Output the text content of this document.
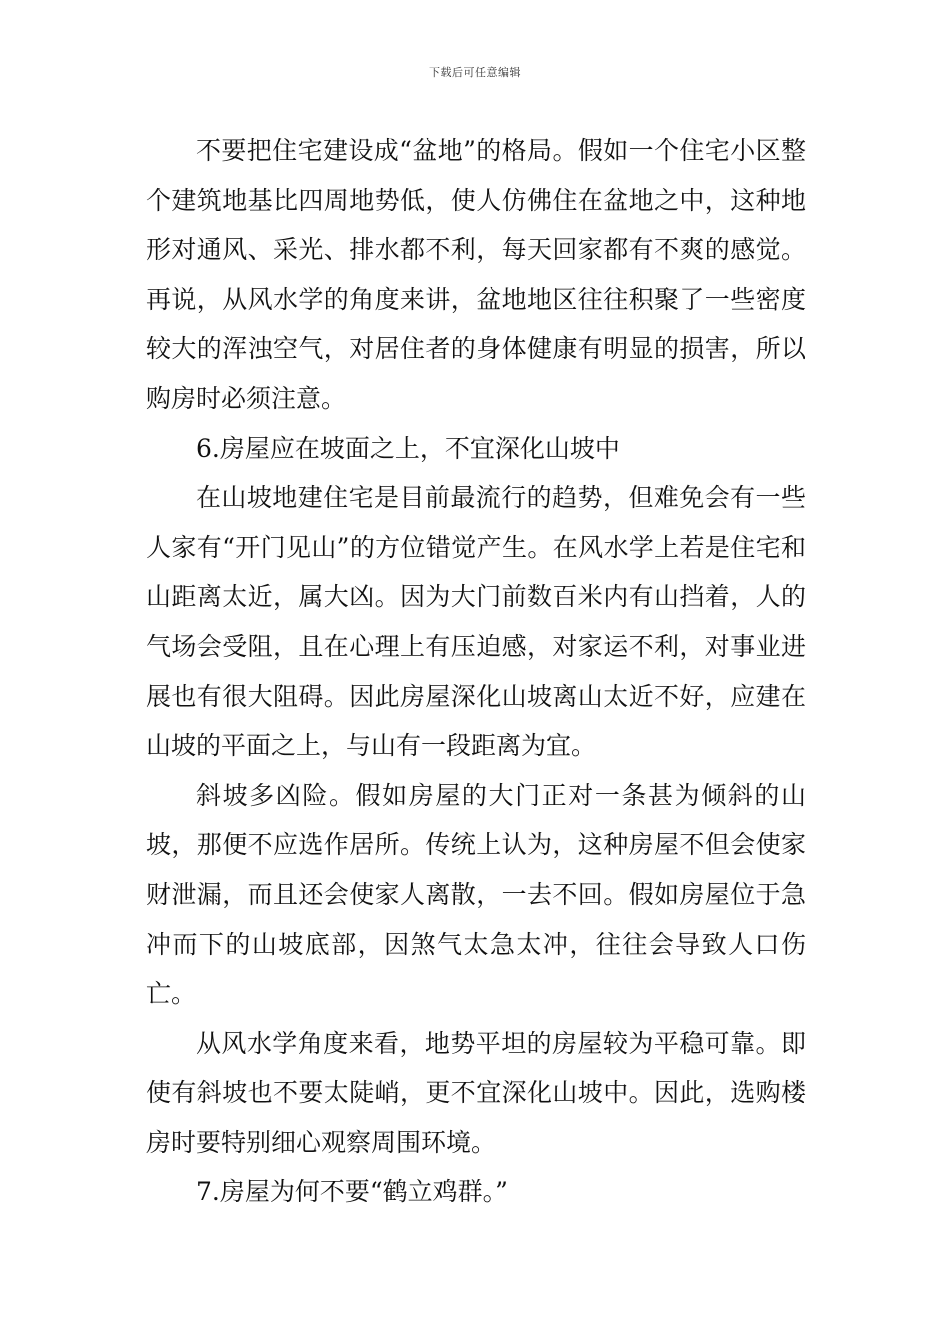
下载后可任意编辑

不要把住宅建设成“盆地”的格局。假如一个住宅小区整个建筑地基比四周地势低，使人仿佛住在盆地之中，这种地形对通风、采光、排水都不利，每天回家都有不爽的感觉。再说，从风水学的角度来讲，盆地地区往往积聚了一些密度较大的浑浊空气，对居住者的身体健康有明显的损害，所以购房时必须注意。

6.房屋应在坡面之上，不宜深化山坡中

在山坡地建住宅是目前最流行的趋势，但难免会有一些人家有“开门见山”的方位错觉产生。在风水学上若是住宅和山距离太近，属大凶。因为大门前数百米内有山挡着，人的气场会受阻，且在心理上有压迫感，对家运不利，对事业进展也有很大阻碍。因此房屋深化山坡离山太近不好，应建在山坡的平面之上，与山有一段距离为宜。

斜坡多凶险。假如房屋的大门正对一条甚为倾斜的山坡，那便不应选作居所。传统上认为，这种房屋不但会使家财泄漏，而且还会使家人离散，一去不回。假如房屋位于急冲而下的山坡底部，因煞气太急太冲，往往会导致人口伤亡。

从风水学角度来看，地势平坦的房屋较为平稳可靠。即使有斜坡也不要太陡峭，更不宜深化山坡中。因此，选购楼房时要特别细心观察周围环境。

7.房屋为何不要“鹤立鸡群。”
